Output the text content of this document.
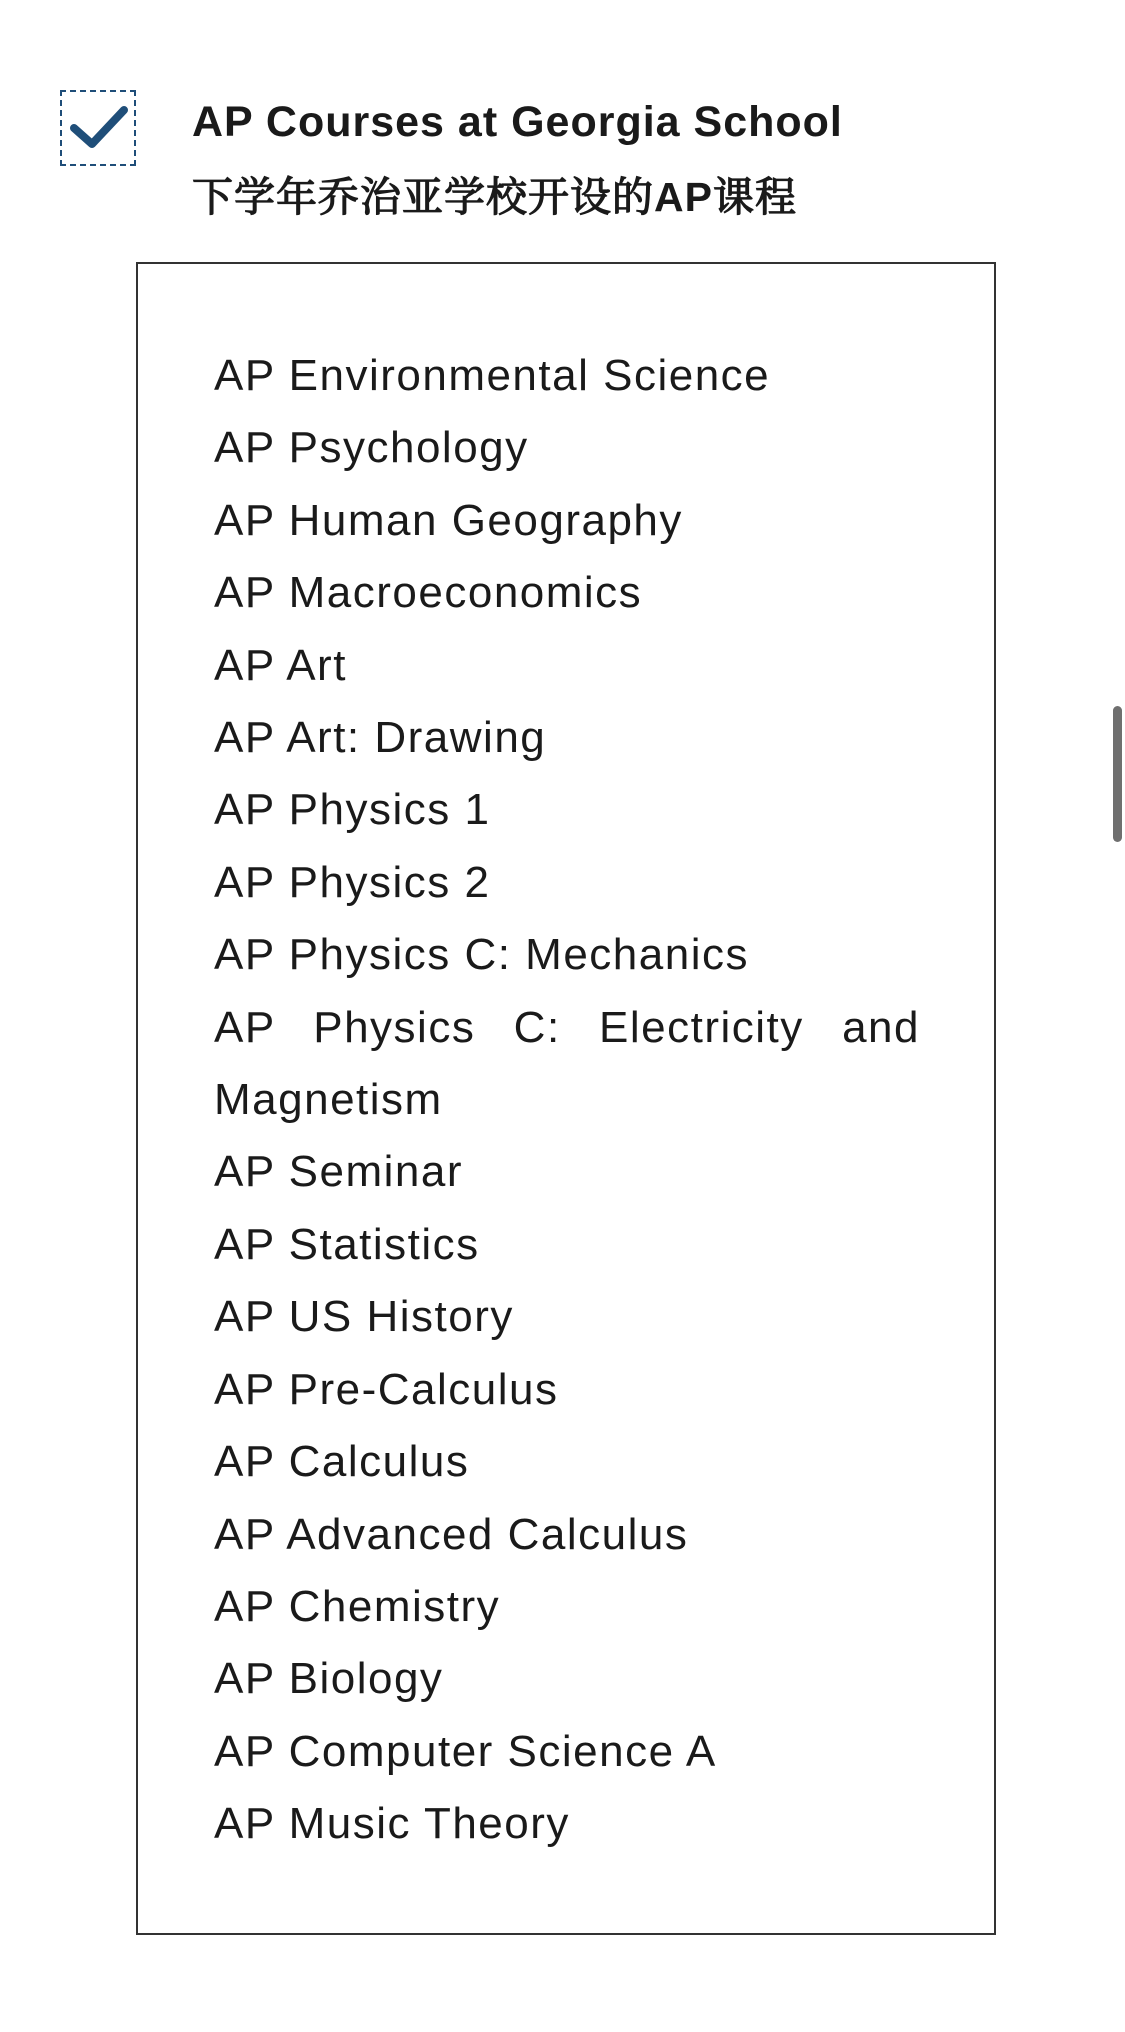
AP Courses at Georgia School
下学年乔治亚学校开设的AP课程
AP Environmental Science
AP Psychology
AP Human Geography
AP Macroeconomics
AP Art
AP Art: Drawing
AP Physics 1
AP Physics 2
AP Physics C: Mechanics
AP Physics C: Electricity and Magnetism
AP Seminar
AP Statistics
AP US History
AP Pre-Calculus
AP Calculus
AP Advanced Calculus
AP Chemistry
AP Biology
AP Computer Science A
AP Music Theory
